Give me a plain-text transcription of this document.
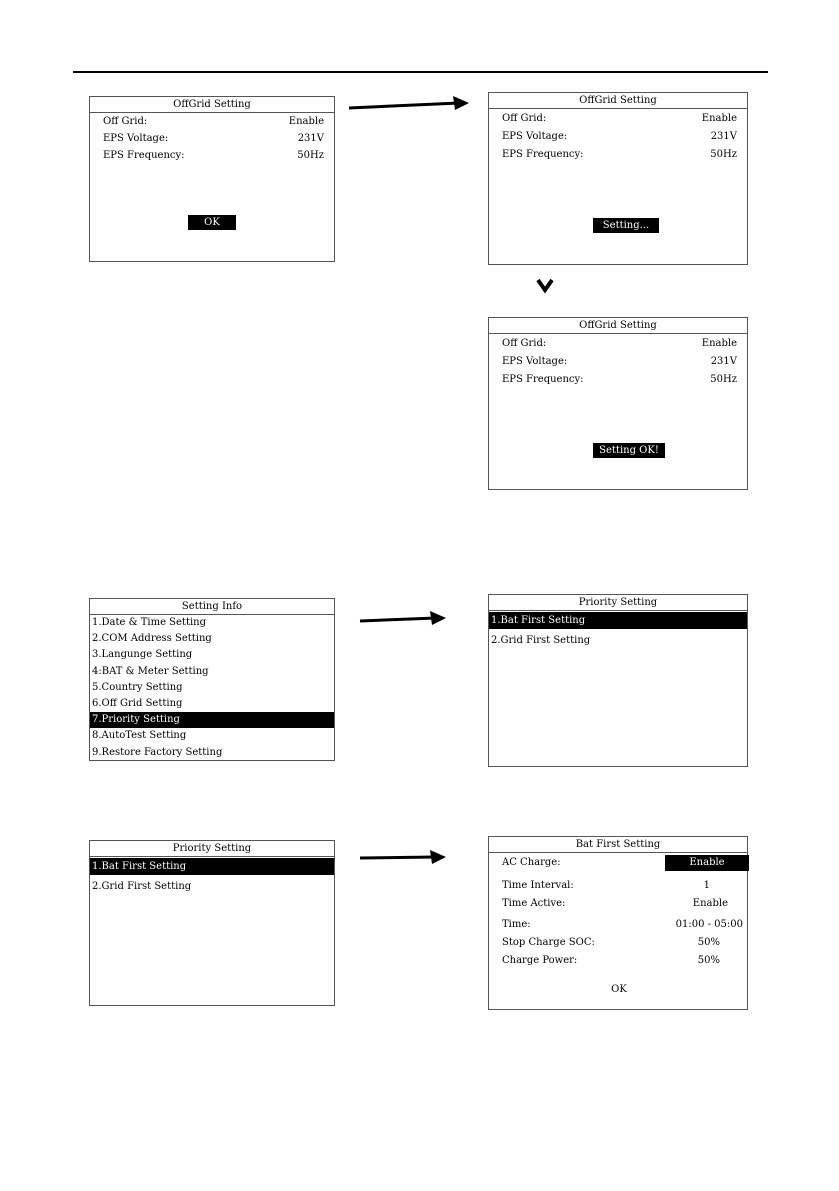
OffGrid Setting
Off Grid:	Enable
EPS Voltage:	231V
EPS Frequency:	50Hz
OK
OffGrid Setting
Off Grid:	Enable
EPS Voltage:	231V
EPS Frequency:	50Hz
Setting...
OffGrid Setting
Off Grid:	Enable
EPS Voltage:	231V
EPS Frequency:	50Hz
Setting OK!
Setting Info
1.Date & Time Setting
2.COM Address Setting
3.Langunge Setting
4:BAT & Meter Setting
5.Country Setting
6.Off Grid Setting
7.Priority Setting
8.AutoTest Setting
9.Restore Factory Setting
Priority Setting
1.Bat First Setting
2.Grid First Setting
Priority Setting
1.Bat First Setting
2.Grid First Setting
Bat First Setting
AC Charge:	Enable
Time Interval:	1
Time Active:	Enable
Time:	01:00 - 05:00
Stop Charge SOC:	50%
Charge Power:	50%
OK
